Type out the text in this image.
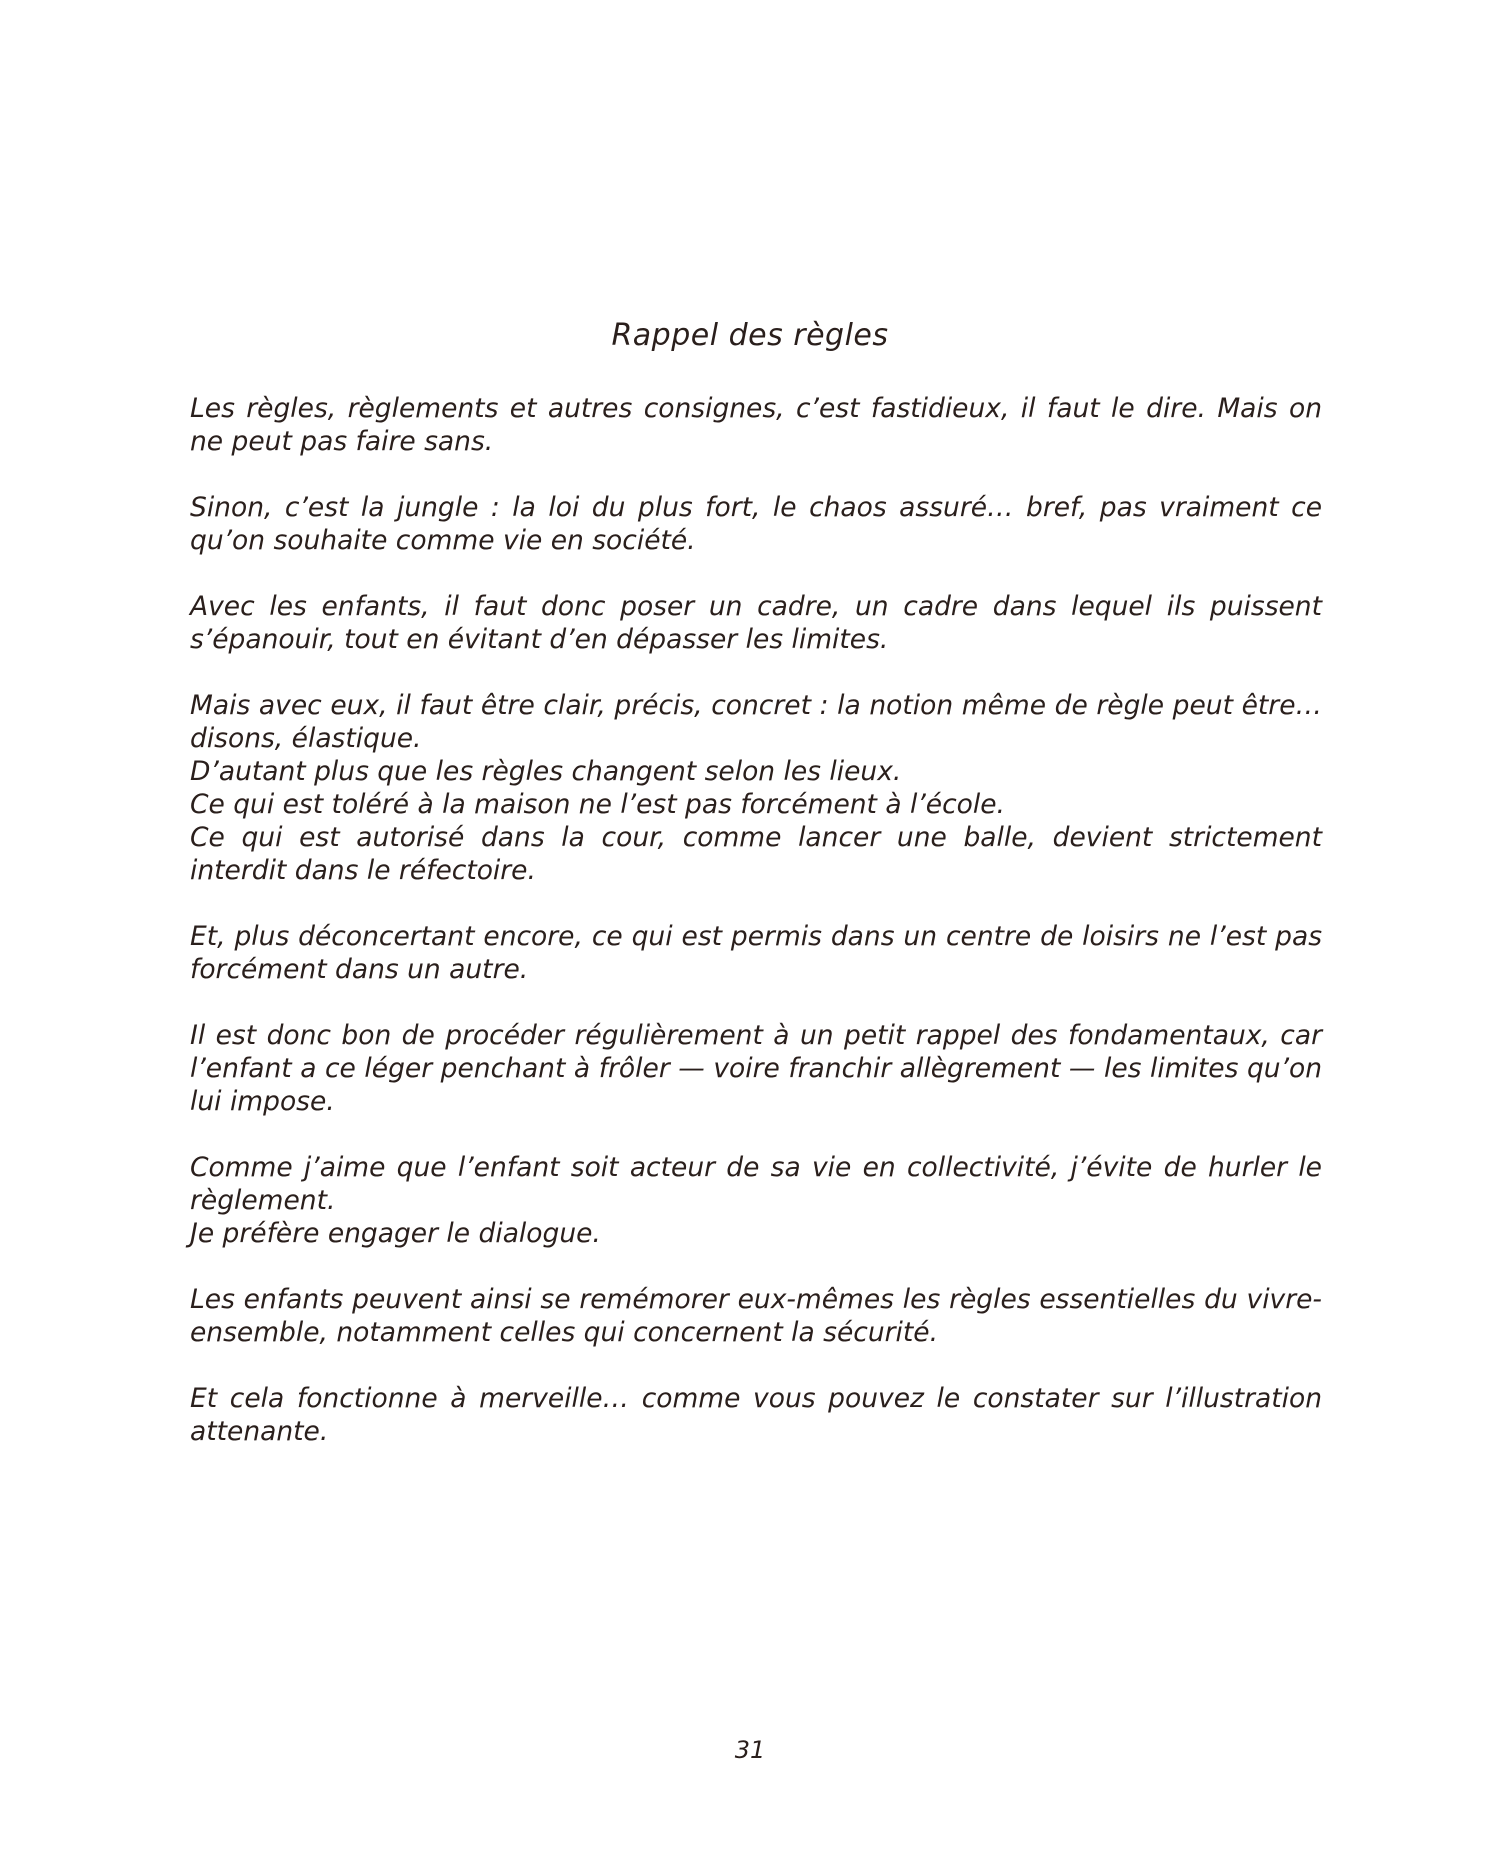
Rappel des règles

Les règles, règlements et autres consignes, c’est fastidieux, il faut le dire. Mais on ne peut pas faire sans.

Sinon, c’est la jungle : la loi du plus fort, le chaos assuré… bref, pas vraiment ce qu’on souhaite comme vie en société.

Avec les enfants, il faut donc poser un cadre, un cadre dans lequel ils puissent s’épanouir, tout en évitant d’en dépasser les limites.

Mais avec eux, il faut être clair, précis, concret : la notion même de règle peut être… disons, élastique.
D’autant plus que les règles changent selon les lieux.
Ce qui est toléré à la maison ne l’est pas forcément à l’école.
Ce qui est autorisé dans la cour, comme lancer une balle, devient strictement interdit dans le réfectoire.

Et, plus déconcertant encore, ce qui est permis dans un centre de loisirs ne l’est pas forcément dans un autre.

Il est donc bon de procéder régulièrement à un petit rappel des fondamentaux, car l’enfant a ce léger penchant à frôler — voire franchir allègrement — les limites qu’on lui impose.

Comme j’aime que l’enfant soit acteur de sa vie en collectivité, j’évite de hurler le règlement.
Je préfère engager le dialogue.

Les enfants peuvent ainsi se remémorer eux-mêmes les règles essentielles du vivre-ensemble, notamment celles qui concernent la sécurité.

Et cela fonctionne à merveille… comme vous pouvez le constater sur l’illustration attenante.

31
